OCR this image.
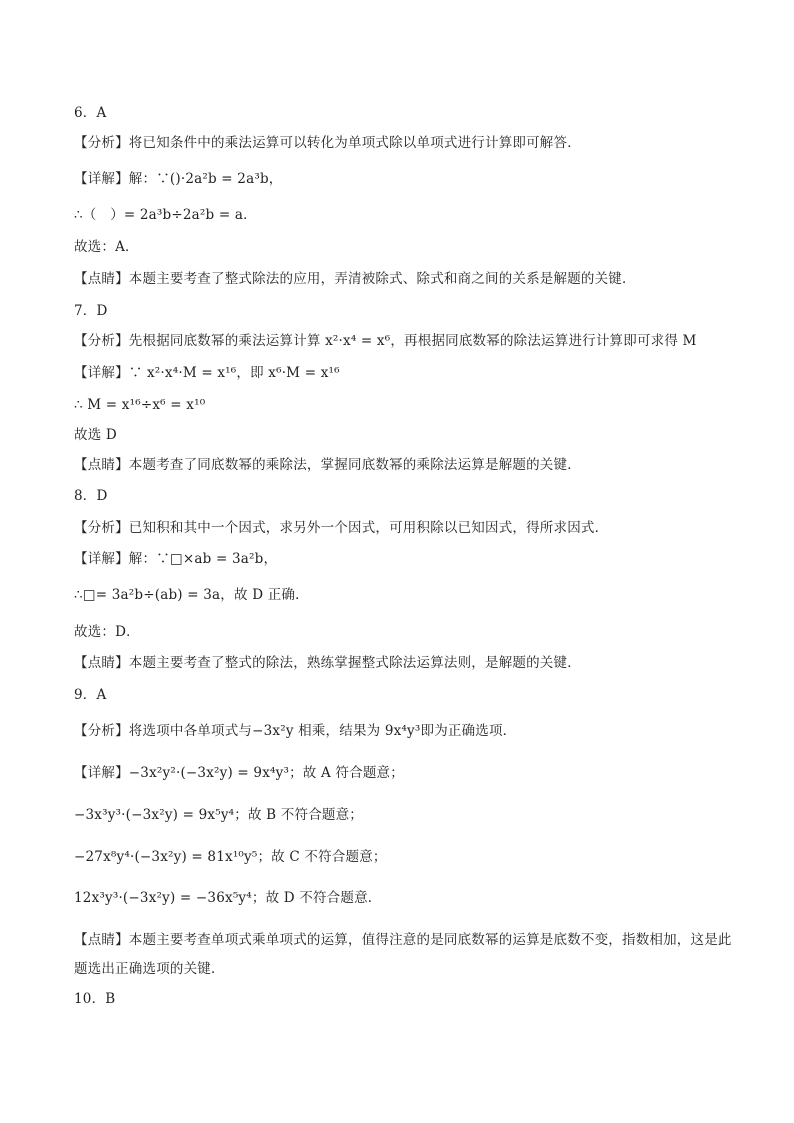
6．A
【分析】将已知条件中的乘法运算可以转化为单项式除以单项式进行计算即可解答．
【详解】解：∵()·2a²b = 2a³b，
∴（　）= 2a³b÷2a²b = a．
故选：A．
【点睛】本题主要考查了整式除法的应用，弄清被除式、除式和商之间的关系是解题的关键．
7．D
【分析】先根据同底数幂的乘法运算计算 x²·x⁴ = x⁶，再根据同底数幂的除法运算进行计算即可求得 M
【详解】∵ x²·x⁴·M = x¹⁶，即 x⁶·M = x¹⁶
∴ M = x¹⁶÷x⁶ = x¹⁰
故选 D
【点睛】本题考查了同底数幂的乘除法，掌握同底数幂的乘除法运算是解题的关键．
8．D
【分析】已知积和其中一个因式，求另外一个因式，可用积除以已知因式，得所求因式．
【详解】解：∵□×ab = 3a²b，
∴□= 3a²b÷(ab) = 3a，故 D 正确．
故选：D．
【点睛】本题主要考查了整式的除法，熟练掌握整式除法运算法则，是解题的关键．
9．A
【分析】将选项中各单项式与−3x²y 相乘，结果为 9x⁴y³即为正确选项．
【详解】−3x²y²·(−3x²y) = 9x⁴y³；故 A 符合题意；
−3x³y³·(−3x²y) = 9x⁵y⁴；故 B 不符合题意；
−27x⁸y⁴·(−3x²y) = 81x¹⁰y⁵；故 C 不符合题意；
12x³y³·(−3x²y) = −36x⁵y⁴；故 D 不符合题意．
【点睛】本题主要考查单项式乘单项式的运算，值得注意的是同底数幂的运算是底数不变，指数相加，这是此题选出正确选项的关键．
10．B
